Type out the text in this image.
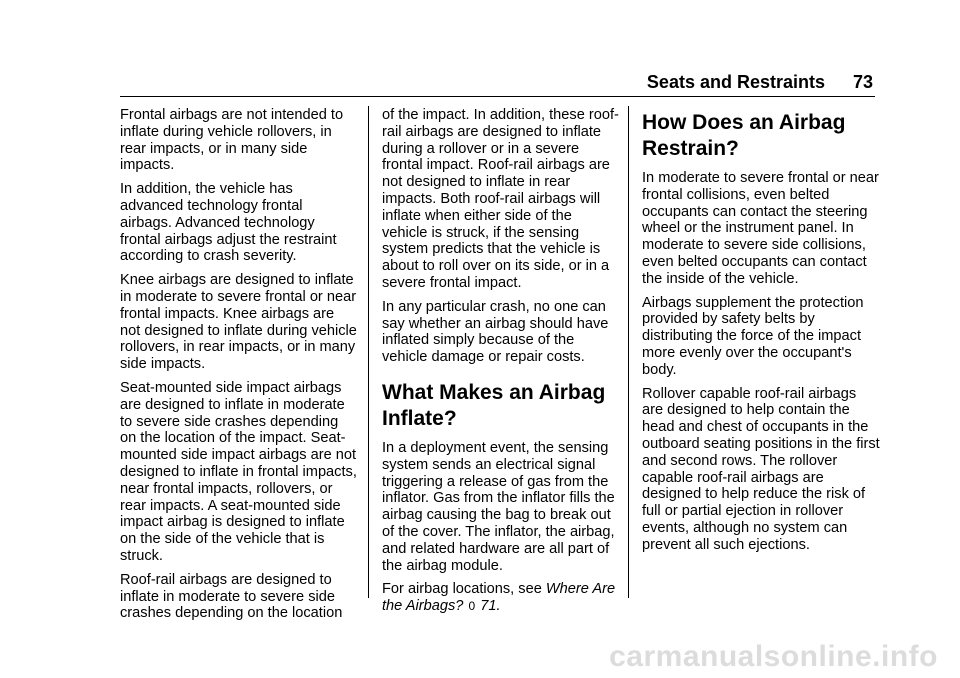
Seats and Restraints 73

Frontal airbags are not intended to inflate during vehicle rollovers, in rear impacts, or in many side impacts.

In addition, the vehicle has advanced technology frontal airbags. Advanced technology frontal airbags adjust the restraint according to crash severity.

Knee airbags are designed to inflate in moderate to severe frontal or near frontal impacts. Knee airbags are not designed to inflate during vehicle rollovers, in rear impacts, or in many side impacts.

Seat-mounted side impact airbags are designed to inflate in moderate to severe side crashes depending on the location of the impact. Seat-mounted side impact airbags are not designed to inflate in frontal impacts, near frontal impacts, rollovers, or rear impacts. A seat-mounted side impact airbag is designed to inflate on the side of the vehicle that is struck.

Roof-rail airbags are designed to inflate in moderate to severe side crashes depending on the location

of the impact. In addition, these roof-rail airbags are designed to inflate during a rollover or in a severe frontal impact. Roof-rail airbags are not designed to inflate in rear impacts. Both roof-rail airbags will inflate when either side of the vehicle is struck, if the sensing system predicts that the vehicle is about to roll over on its side, or in a severe frontal impact.

In any particular crash, no one can say whether an airbag should have inflated simply because of the vehicle damage or repair costs.

What Makes an Airbag Inflate?

In a deployment event, the sensing system sends an electrical signal triggering a release of gas from the inflator. Gas from the inflator fills the airbag causing the bag to break out of the cover. The inflator, the airbag, and related hardware are all part of the airbag module.

For airbag locations, see Where Are the Airbags? 0 71.

How Does an Airbag Restrain?

In moderate to severe frontal or near frontal collisions, even belted occupants can contact the steering wheel or the instrument panel. In moderate to severe side collisions, even belted occupants can contact the inside of the vehicle.

Airbags supplement the protection provided by safety belts by distributing the force of the impact more evenly over the occupant's body.

Rollover capable roof-rail airbags are designed to help contain the head and chest of occupants in the outboard seating positions in the first and second rows. The rollover capable roof-rail airbags are designed to help reduce the risk of full or partial ejection in rollover events, although no system can prevent all such ejections.

carmanualsonline.info
